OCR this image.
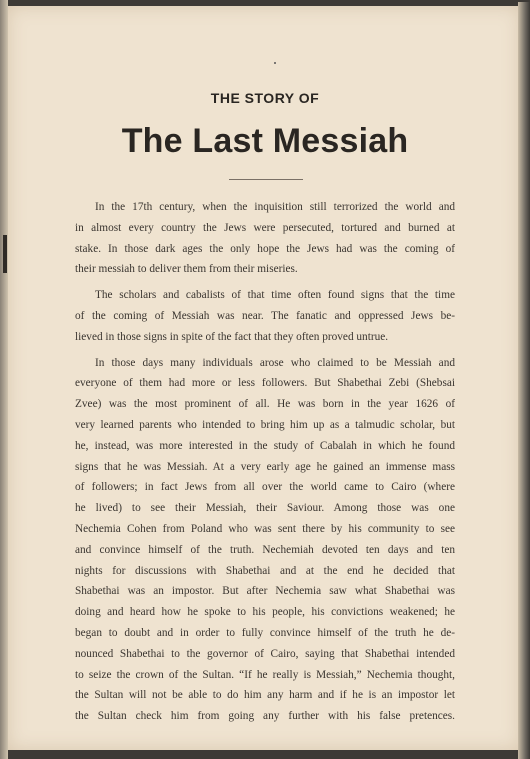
THE STORY OF
The Last Messiah
In the 17th century, when the inquisition still terrorized the world and
in almost every country the Jews were persecuted, tortured and burned at
stake. In those dark ages the only hope the Jews had was the coming of
their messiah to deliver them from their miseries.
The scholars and cabalists of that time often found signs that the time
of the coming of Messiah was near. The fanatic and oppressed Jews be-
lieved in those signs in spite of the fact that they often proved untrue.
In those days many individuals arose who claimed to be Messiah and
everyone of them had more or less followers. But Shabethai Zebi (Shebsai
Zvee) was the most prominent of all. He was born in the year 1626 of
very learned parents who intended to bring him up as a talmudic scholar, but
he, instead, was more interested in the study of Cabalah in which he found
signs that he was Messiah. At a very early age he gained an immense mass
of followers; in fact Jews from all over the world came to Cairo (where
he lived) to see their Messiah, their Saviour. Among those was one
Nechemia Cohen from Poland who was sent there by his community to see
and convince himself of the truth. Nechemiah devoted ten days and ten
nights for discussions with Shabethai and at the end he decided that
Shabethai was an impostor. But after Nechemia saw what Shabethai was
doing and heard how he spoke to his people, his convictions weakened; he
began to doubt and in order to fully convince himself of the truth he de-
nounced Shabethai to the governor of Cairo, saying that Shabethai intended
to seize the crown of the Sultan. “If he really is Messiah,” Nechemia thought,
the Sultan will not be able to do him any harm and if he is an impostor let
the Sultan check him from going any further with his false pretences.
